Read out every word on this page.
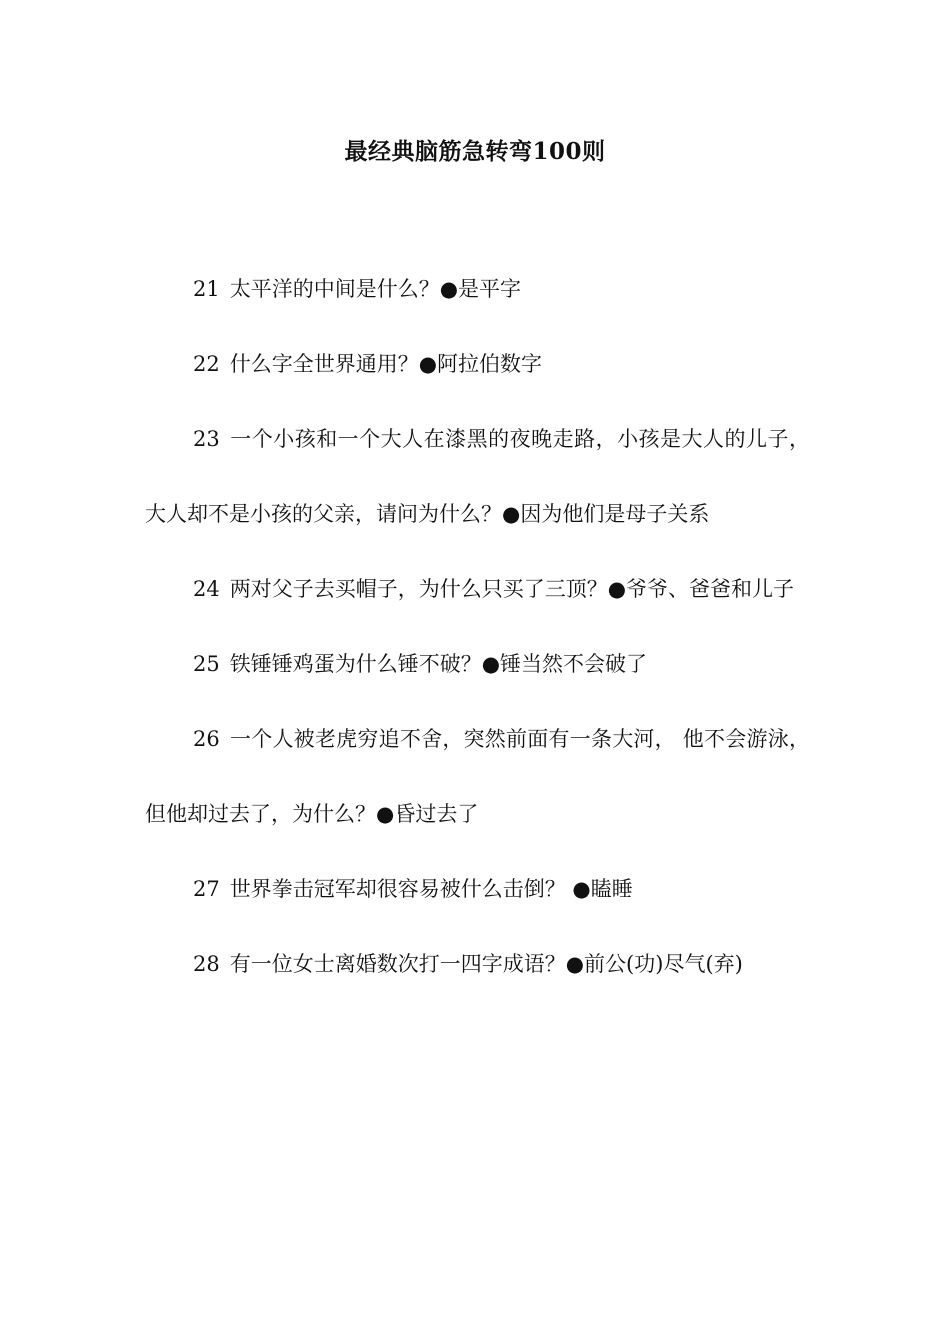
最经典脑筋急转弯100则

21 太平洋的中间是什么？●是平字

22 什么字全世界通用？●阿拉伯数字

23 一个小孩和一个大人在漆黑的夜晚走路，小孩是大人的儿子，大人却不是小孩的父亲，请问为什么？●因为他们是母子关系

24 两对父子去买帽子，为什么只买了三顶？●爷爷、爸爸和儿子

25 铁锤锤鸡蛋为什么锤不破？●锤当然不会破了

26 一个人被老虎穷追不舍，突然前面有一条大河， 他不会游泳，但他却过去了，为什么？●昏过去了

27 世界拳击冠军却很容易被什么击倒？ ●瞌睡

28 有一位女士离婚数次打一四字成语？●前公(功)尽气(弃)
